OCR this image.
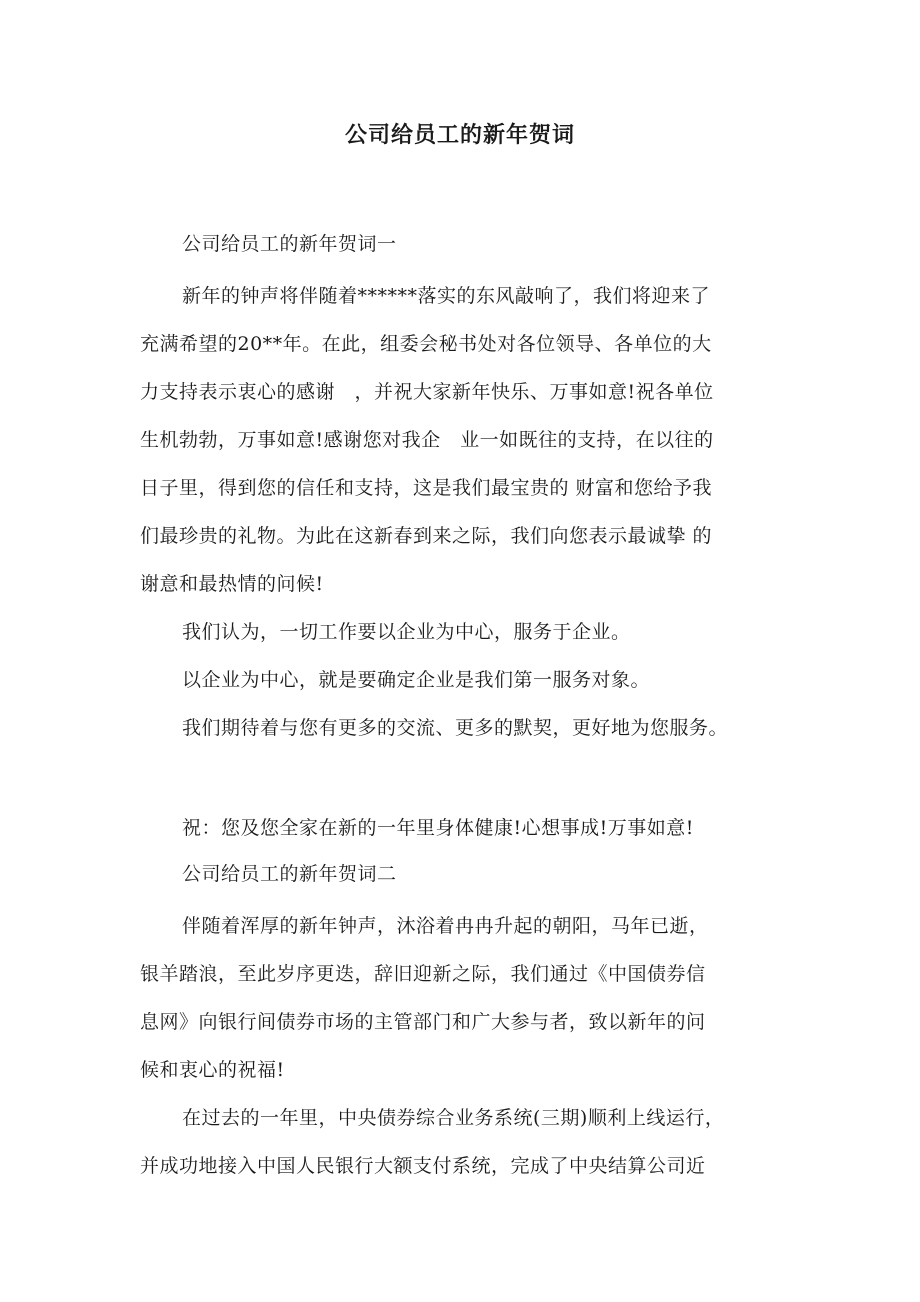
公司给员工的新年贺词
公司给员工的新年贺词一
新年的钟声将伴随着******落实的东风敲响了，我们将迎来了
充满希望的20**年。在此，组委会秘书处对各位领导、各单位的大
力支持表示衷心的感谢　，并祝大家新年快乐、万事如意!祝各单位
生机勃勃，万事如意!感谢您对我企　业一如既往的支持，在以往的
日子里，得到您的信任和支持，这是我们最宝贵的 财富和您给予我
们最珍贵的礼物。为此在这新春到来之际，我们向您表示最诚挚 的
谢意和最热情的问候!
我们认为，一切工作要以企业为中心，服务于企业。
以企业为中心，就是要确定企业是我们第一服务对象。
我们期待着与您有更多的交流、更多的默契，更好地为您服务。
祝：您及您全家在新的一年里身体健康!心想事成!万事如意!
公司给员工的新年贺词二
伴随着浑厚的新年钟声，沐浴着冉冉升起的朝阳，马年已逝，
银羊踏浪，至此岁序更迭，辞旧迎新之际，我们通过《中国债券信
息网》向银行间债券市场的主管部门和广大参与者，致以新年的问
候和衷心的祝福!
在过去的一年里，中央债券综合业务系统(三期)顺利上线运行，
并成功地接入中国人民银行大额支付系统，完成了中央结算公司近
